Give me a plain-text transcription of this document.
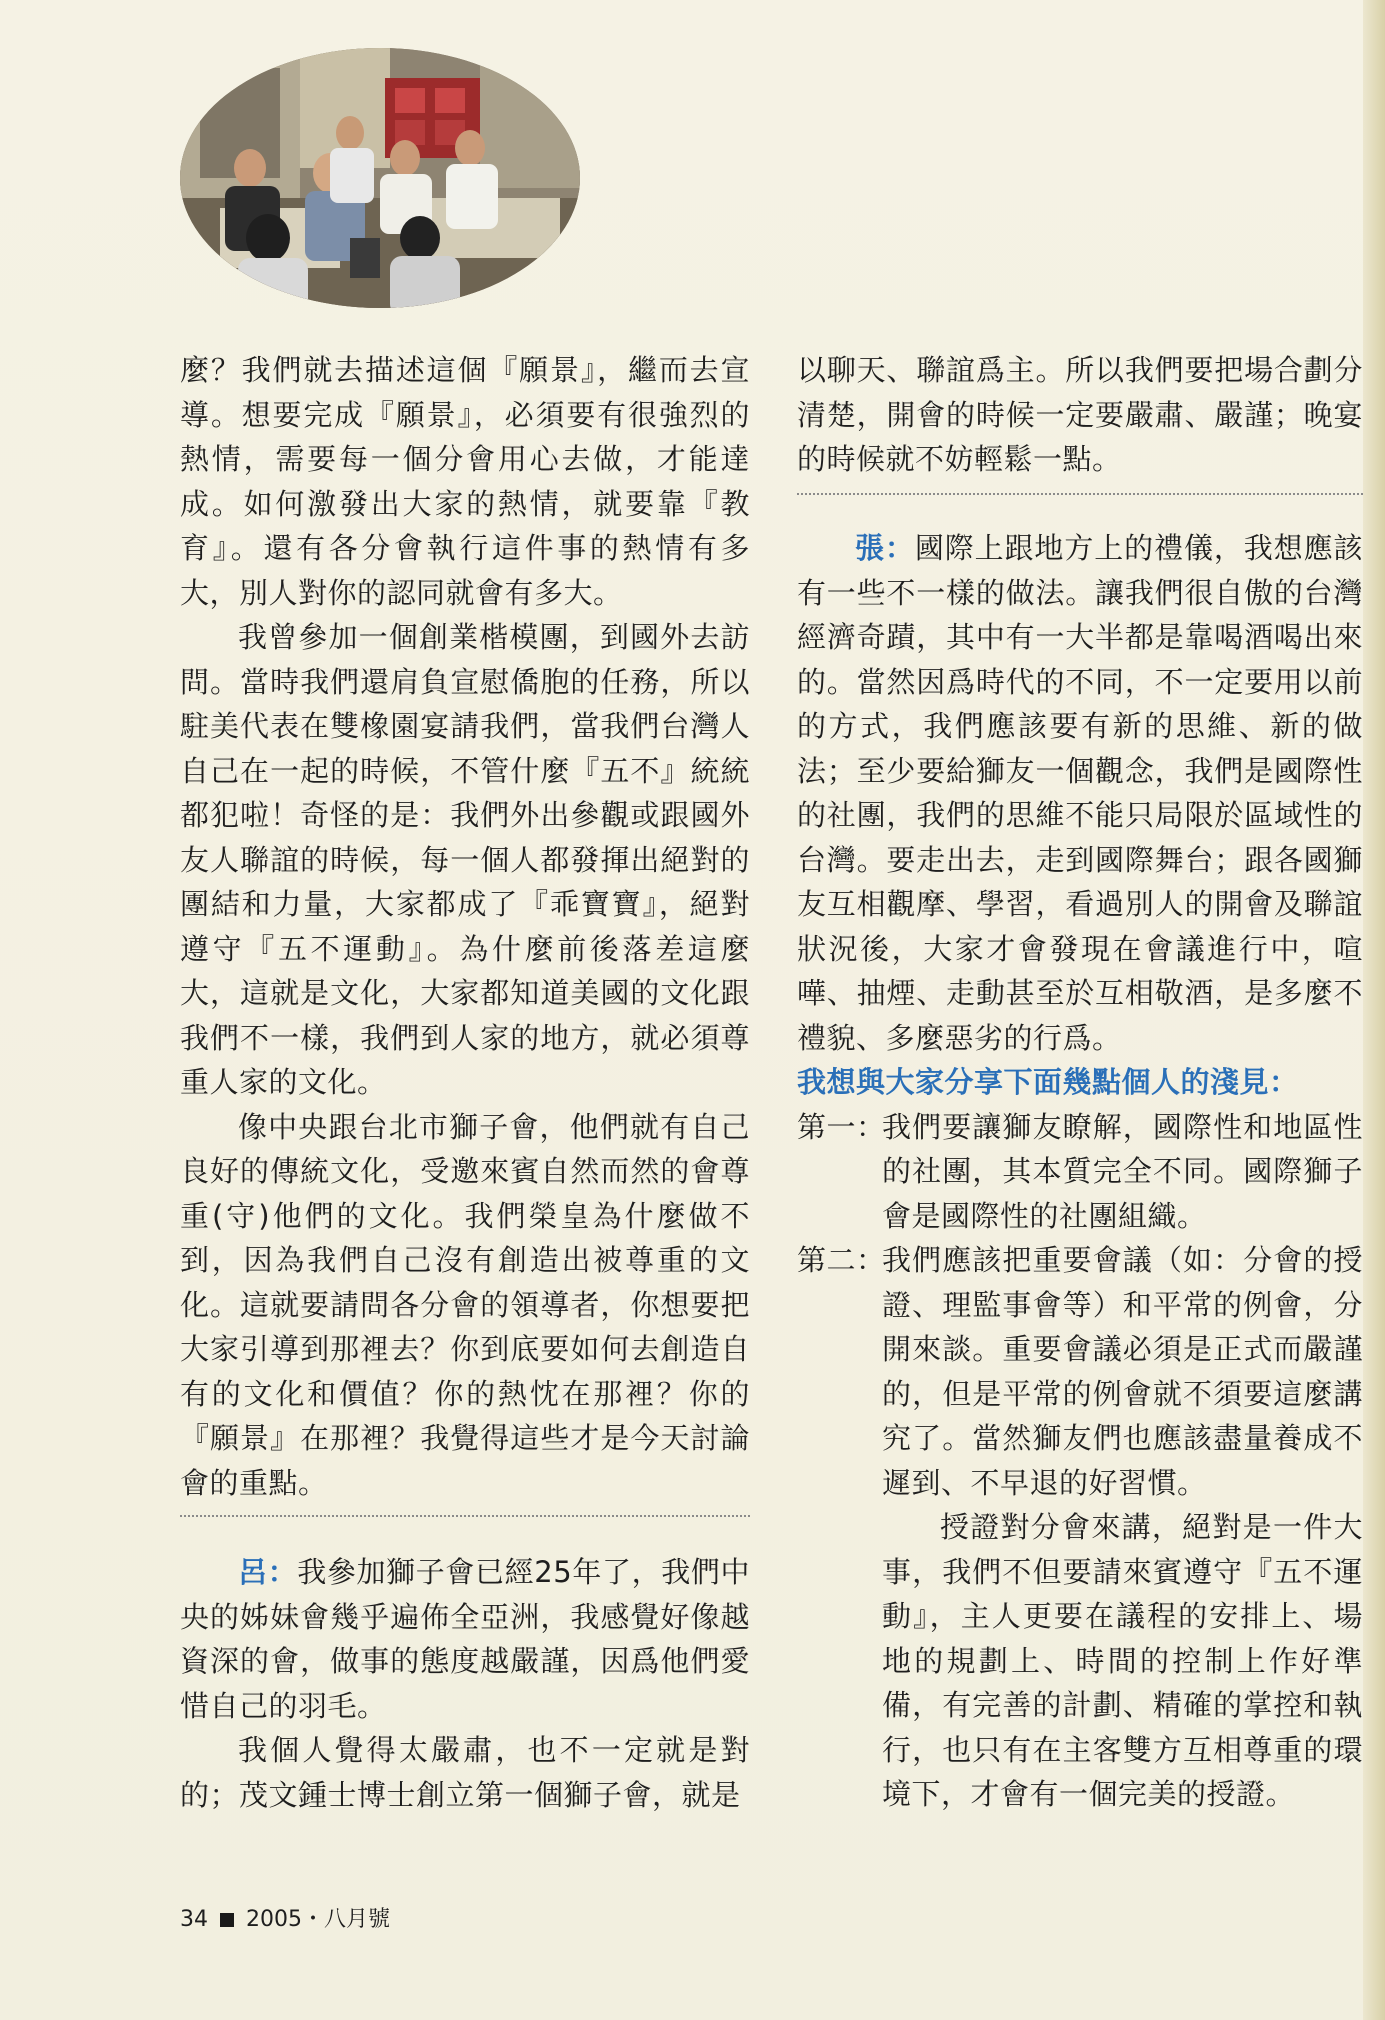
麼？我們就去描述這個『願景』，繼而去宣導。想要完成『願景』，必須要有很強烈的熱情，需要每一個分會用心去做，才能達成。如何激發出大家的熱情，就要靠『教育』。還有各分會執行這件事的熱情有多大，別人對你的認同就會有多大。

我曾參加一個創業楷模團，到國外去訪問。當時我們還肩負宣慰僑胞的任務，所以駐美代表在雙橡園宴請我們，當我們台灣人自己在一起的時候，不管什麼『五不』統統都犯啦！奇怪的是：我們外出參觀或跟國外友人聯誼的時候，每一個人都發揮出絕對的團結和力量，大家都成了『乖寶寶』，絕對遵守『五不運動』。為什麼前後落差這麼大，這就是文化，大家都知道美國的文化跟我們不一樣，我們到人家的地方，就必須尊重人家的文化。

像中央跟台北市獅子會，他們就有自己良好的傳統文化，受邀來賓自然而然的會尊重(守)他們的文化。我們榮皇為什麼做不到，因為我們自己沒有創造出被尊重的文化。這就要請問各分會的領導者，你想要把大家引導到那裡去？你到底要如何去創造自有的文化和價值？你的熱忱在那裡？你的『願景』在那裡？我覺得這些才是今天討論會的重點。

呂：我參加獅子會已經25年了，我們中央的姊妹會幾乎遍佈全亞洲，我感覺好像越資深的會，做事的態度越嚴謹，因爲他們愛惜自己的羽毛。

我個人覺得太嚴肅，也不一定就是對的；茂文鍾士博士創立第一個獅子會，就是

以聊天、聯誼爲主。所以我們要把場合劃分清楚，開會的時候一定要嚴肅、嚴謹；晚宴的時候就不妨輕鬆一點。

張：國際上跟地方上的禮儀，我想應該有一些不一樣的做法。讓我們很自傲的台灣經濟奇蹟，其中有一大半都是靠喝酒喝出來的。當然因爲時代的不同，不一定要用以前的方式，我們應該要有新的思維、新的做法；至少要給獅友一個觀念，我們是國際性的社團，我們的思維不能只局限於區域性的台灣。要走出去，走到國際舞台；跟各國獅友互相觀摩、學習，看過別人的開會及聯誼狀況後，大家才會發現在會議進行中，喧嘩、抽煙、走動甚至於互相敬酒，是多麼不禮貌、多麼惡劣的行爲。

我想與大家分享下面幾點個人的淺見：

第一：
我們要讓獅友瞭解，國際性和地區性的社團，其本質完全不同。國際獅子會是國際性的社團組織。
第二：
我們應該把重要會議（如：分會的授證、理監事會等）和平常的例會，分開來談。重要會議必須是正式而嚴謹的，但是平常的例會就不須要這麼講究了。當然獅友們也應該盡量養成不遲到、不早退的好習慣。

授證對分會來講，絕對是一件大事，我們不但要請來賓遵守『五不運動』，主人更要在議程的安排上、場地的規劃上、時間的控制上作好準備，有完善的計劃、精確的掌控和執行，也只有在主客雙方互相尊重的環境下，才會有一個完美的授證。

34 2005・八月號
